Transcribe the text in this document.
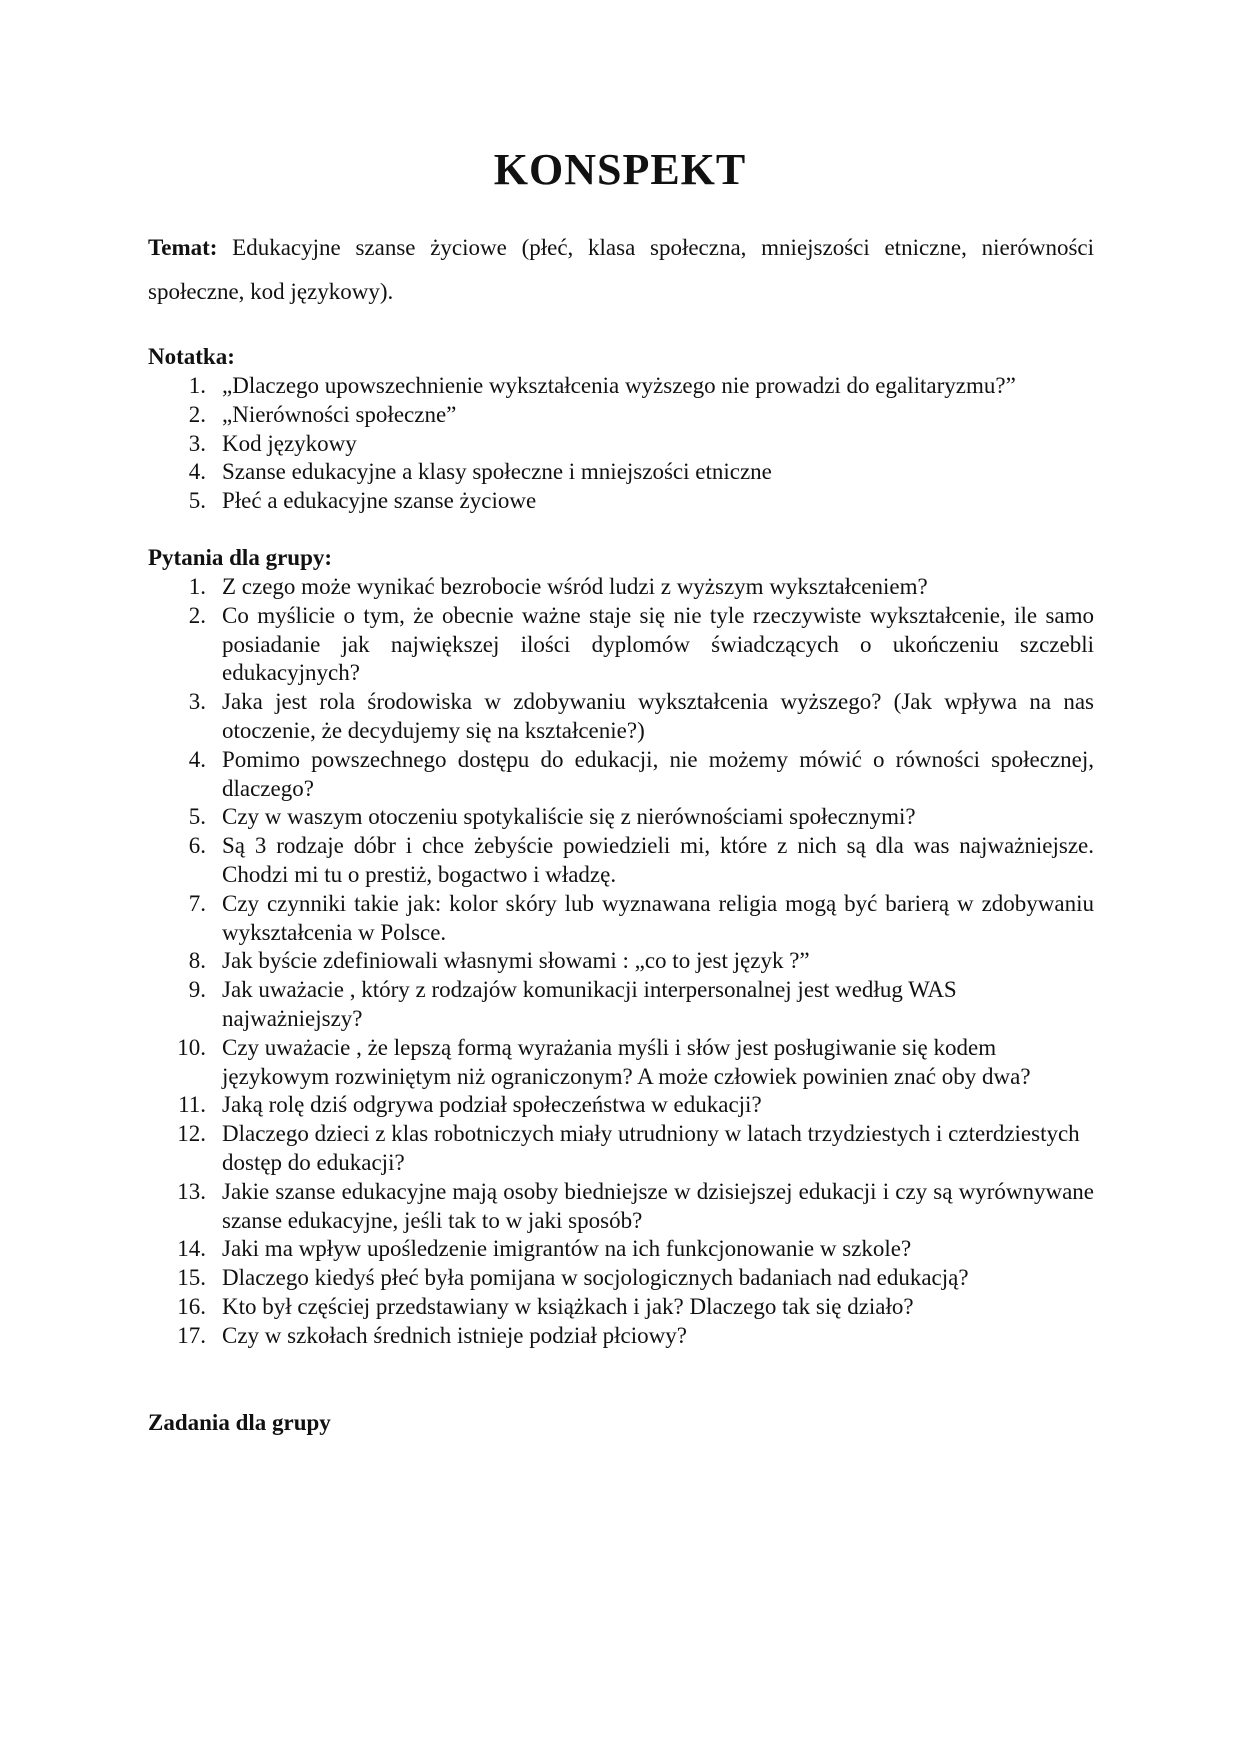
KONSPEKT

Temat: Edukacyjne szanse życiowe (płeć, klasa społeczna, mniejszości etniczne, nierówności społeczne, kod językowy).

Notatka:
1. „Dlaczego upowszechnienie wykształcenia wyższego nie prowadzi do egalitaryzmu?”
2. „Nierówności społeczne”
3. Kod językowy
4. Szanse edukacyjne a klasy społeczne i mniejszości etniczne
5. Płeć a edukacyjne szanse życiowe
Pytania dla grupy:
1. Z czego może wynikać bezrobocie wśród ludzi z wyższym wykształceniem?
2. Co myślicie o tym, że obecnie ważne staje się nie tyle rzeczywiste wykształcenie, ile samo posiadanie jak największej ilości dyplomów świadczących o ukończeniu szczebli edukacyjnych?
3. Jaka jest rola środowiska w zdobywaniu wykształcenia wyższego? (Jak wpływa na nas otoczenie, że decydujemy się na kształcenie?)
4. Pomimo powszechnego dostępu do edukacji, nie możemy mówić o równości społecznej, dlaczego?
5. Czy w waszym otoczeniu spotykaliście się z nierównościami społecznymi?
6. Są 3 rodzaje dóbr i chce żebyście powiedzieli mi, które z nich są dla was najważniejsze. Chodzi mi tu o prestiż, bogactwo i władzę.
7. Czy czynniki takie jak: kolor skóry lub wyznawana religia mogą być barierą w zdobywaniu wykształcenia w Polsce.
8. Jak byście zdefiniowali własnymi słowami : „co to jest język ?”
9. Jak uważacie , który z rodzajów komunikacji interpersonalnej jest według WAS najważniejszy?
10. Czy uważacie , że lepszą formą wyrażania myśli i słów jest posługiwanie się kodem językowym rozwiniętym niż ograniczonym? A może człowiek powinien znać oby dwa?
11. Jaką rolę dziś odgrywa podział społeczeństwa w edukacji?
12. Dlaczego dzieci z klas robotniczych miały utrudniony w latach trzydziestych i czterdziestych dostęp do edukacji?
13. Jakie szanse edukacyjne mają osoby biedniejsze w dzisiejszej edukacji i czy są wyrównywane szanse edukacyjne, jeśli tak to w jaki sposób?
14. Jaki ma wpływ upośledzenie imigrantów na ich funkcjonowanie w szkole?
15. Dlaczego kiedyś płeć była pomijana w socjologicznych badaniach nad edukacją?
16. Kto był częściej przedstawiany w książkach i jak? Dlaczego tak się działo?
17. Czy w szkołach średnich istnieje podział płciowy?
Zadania dla grupy
